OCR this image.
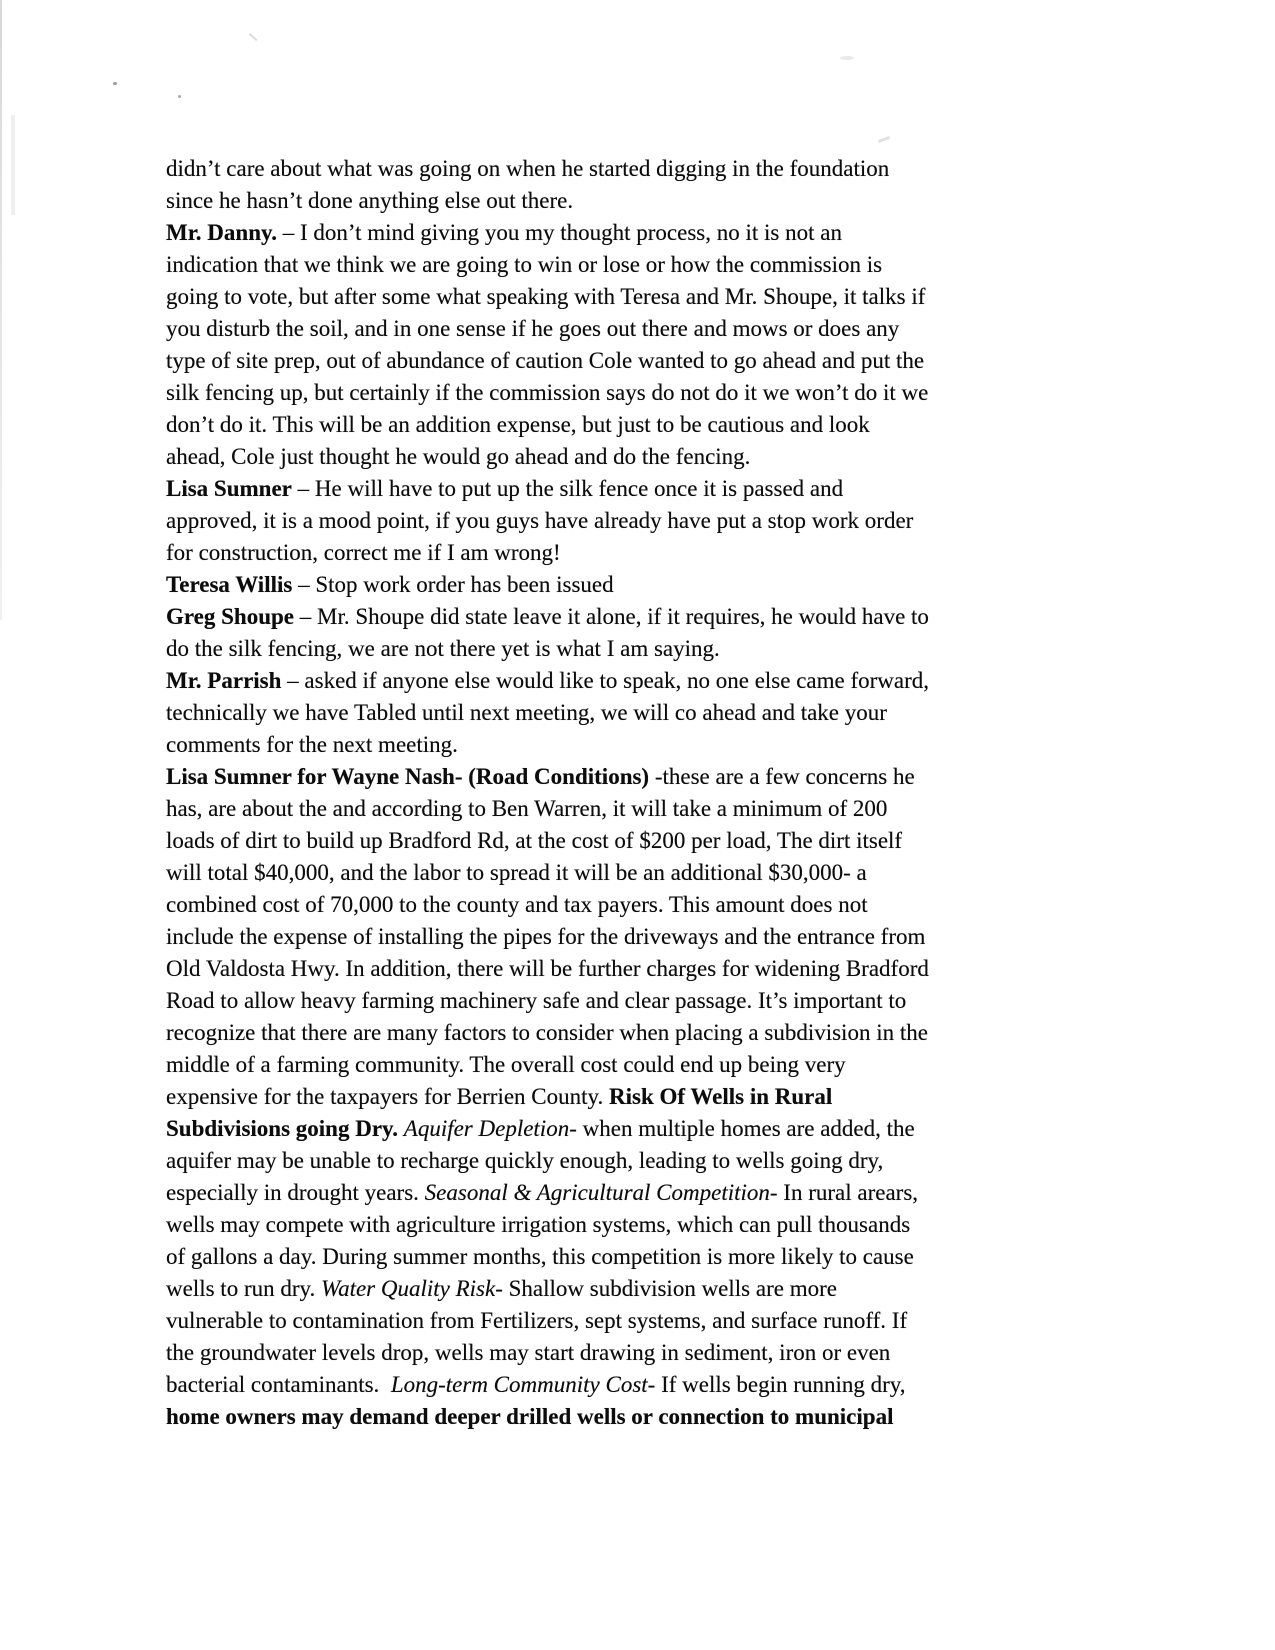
didn’t care about what was going on when he started digging in the foundation
since he hasn’t done anything else out there.
Mr. Danny. – I don’t mind giving you my thought process, no it is not an
indication that we think we are going to win or lose or how the commission is
going to vote, but after some what speaking with Teresa and Mr. Shoupe, it talks if
you disturb the soil, and in one sense if he goes out there and mows or does any
type of site prep, out of abundance of caution Cole wanted to go ahead and put the
silk fencing up, but certainly if the commission says do not do it we won’t do it we
don’t do it. This will be an addition expense, but just to be cautious and look
ahead, Cole just thought he would go ahead and do the fencing.
Lisa Sumner – He will have to put up the silk fence once it is passed and
approved, it is a mood point, if you guys have already have put a stop work order
for construction, correct me if I am wrong!
Teresa Willis – Stop work order has been issued
Greg Shoupe – Mr. Shoupe did state leave it alone, if it requires, he would have to
do the silk fencing, we are not there yet is what I am saying.
Mr. Parrish – asked if anyone else would like to speak, no one else came forward,
technically we have Tabled until next meeting, we will co ahead and take your
comments for the next meeting.
Lisa Sumner for Wayne Nash- (Road Conditions) -these are a few concerns he
has, are about the and according to Ben Warren, it will take a minimum of 200
loads of dirt to build up Bradford Rd, at the cost of $200 per load, The dirt itself
will total $40,000, and the labor to spread it will be an additional $30,000- a
combined cost of 70,000 to the county and tax payers. This amount does not
include the expense of installing the pipes for the driveways and the entrance from
Old Valdosta Hwy. In addition, there will be further charges for widening Bradford
Road to allow heavy farming machinery safe and clear passage. It’s important to
recognize that there are many factors to consider when placing a subdivision in the
middle of a farming community. The overall cost could end up being very
expensive for the taxpayers for Berrien County. Risk Of Wells in Rural
Subdivisions going Dry. Aquifer Depletion- when multiple homes are added, the
aquifer may be unable to recharge quickly enough, leading to wells going dry,
especially in drought years. Seasonal & Agricultural Competition- In rural arears,
wells may compete with agriculture irrigation systems, which can pull thousands
of gallons a day. During summer months, this competition is more likely to cause
wells to run dry. Water Quality Risk- Shallow subdivision wells are more
vulnerable to contamination from Fertilizers, sept systems, and surface runoff. If
the groundwater levels drop, wells may start drawing in sediment, iron or even
bacterial contaminants.  Long-term Community Cost- If wells begin running dry,
home owners may demand deeper drilled wells or connection to municipal
